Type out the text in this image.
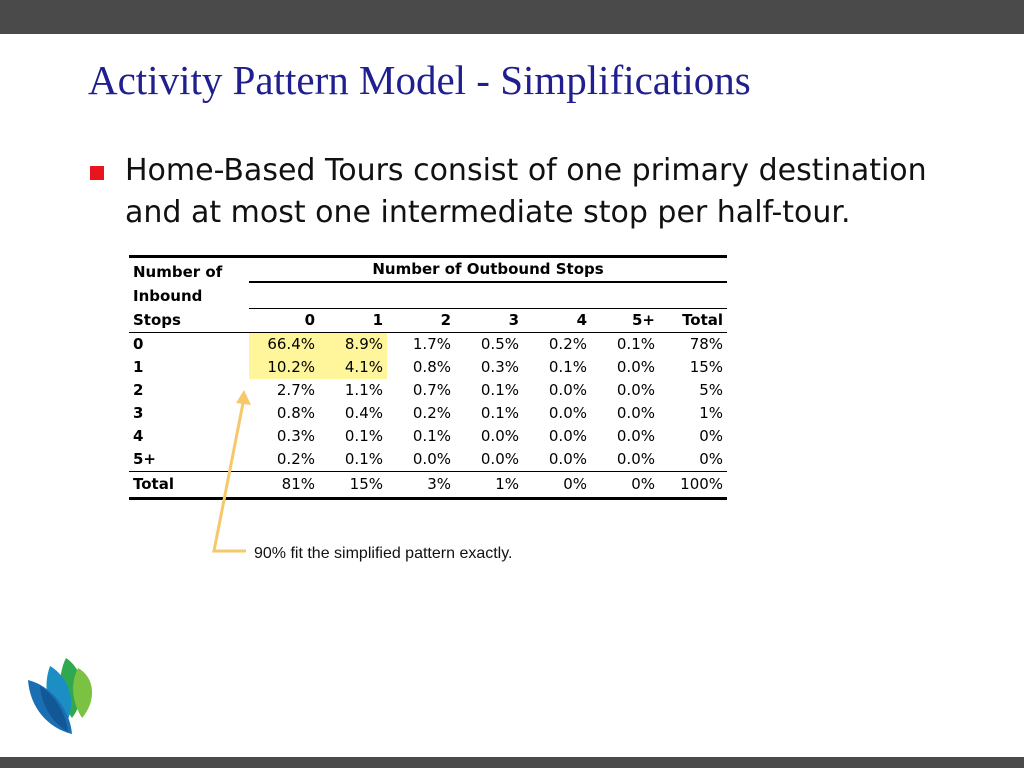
Activity Pattern Model - Simplifications
Home-Based Tours consist of one primary destination and at most one intermediate stop per half-tour.
Number of Inbound Stops	Number of Outbound Stops						

	0	1	2	3	4	5+	Total
0	66.4%	8.9%	1.7%	0.5%	0.2%	0.1%	78%
1	10.2%	4.1%	0.8%	0.3%	0.1%	0.0%	15%
2	2.7%	1.1%	0.7%	0.1%	0.0%	0.0%	5%
3	0.8%	0.4%	0.2%	0.1%	0.0%	0.0%	1%
4	0.3%	0.1%	0.1%	0.0%	0.0%	0.0%	0%
5+	0.2%	0.1%	0.0%	0.0%	0.0%	0.0%	0%
Total	81%	15%	3%	1%	0%	0%	100%
90% fit the simplified pattern exactly.
